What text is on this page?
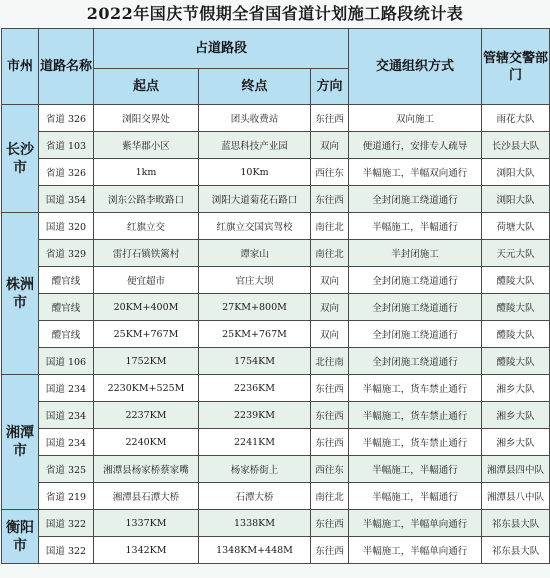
2022年国庆节假期全省国省道计划施工路段统计表
市州	道路名称	占道路段			交通组织方式	管辖交警部门
		起点	终点	方向		
长沙市	省道 326	浏阳交界处	团头收费站	东往西	双向施工	雨花大队
	省道 103	紫华郡小区	蓝思科技产业园	双向	便道通行，安排专人疏导	长沙县大队
	省道 326	1km	10Km	西往东	半幅施工，半幅双向通行	浏阳大队
	国道 354	浏东公路李畋路口	浏阳大道菊花石路口	东往西	全封闭施工绕道通行	浏阳大队
株洲市	国道 320	红旗立交	红旗立交国宾驾校	南往北	半幅施工，半幅通行	荷塘大队
	省道 329	雷打石镇铁篱村	谭家山	南往北	半封闭施工	天元大队
	醴官线	便宜超市	官庄大坝	双向	全封闭施工绕道通行	醴陵大队
	醴官线	20KM+400M	27KM+800M	双向	全封闭施工绕道通行	醴陵大队
	醴官线	25KM+767M	25KM+767M	双向	全封闭施工绕道通行	醴陵大队
	国道 106	1752KM	1754KM	北往南	全封闭施工绕道通行	醴陵大队
湘潭市	国道 234	2230KM+525M	2236KM	东往西	半幅施工，货车禁止通行	湘乡大队
	国道 234	2237KM	2239KM	东往西	半幅施工，货车禁止通行	湘乡大队
	国道 234	2240KM	2241KM	东往西	半幅施工，货车禁止通行	湘乡大队
	省道 325	湘潭县杨家桥蔡家嘴	杨家桥街上	西往东	半幅施工，半幅通行	湘潭县四中队
	省道 219	湘潭县石潭大桥	石潭大桥	南往北	半幅施工，半幅通行	湘潭县八中队
衡阳市	国道 322	1337KM	1338KM	东往西	半幅施工，半幅单向通行	祁东县大队
	国道 322	1342KM	1348KM+448M	东往西	半幅施工，半幅单向通行	祁东县大队
